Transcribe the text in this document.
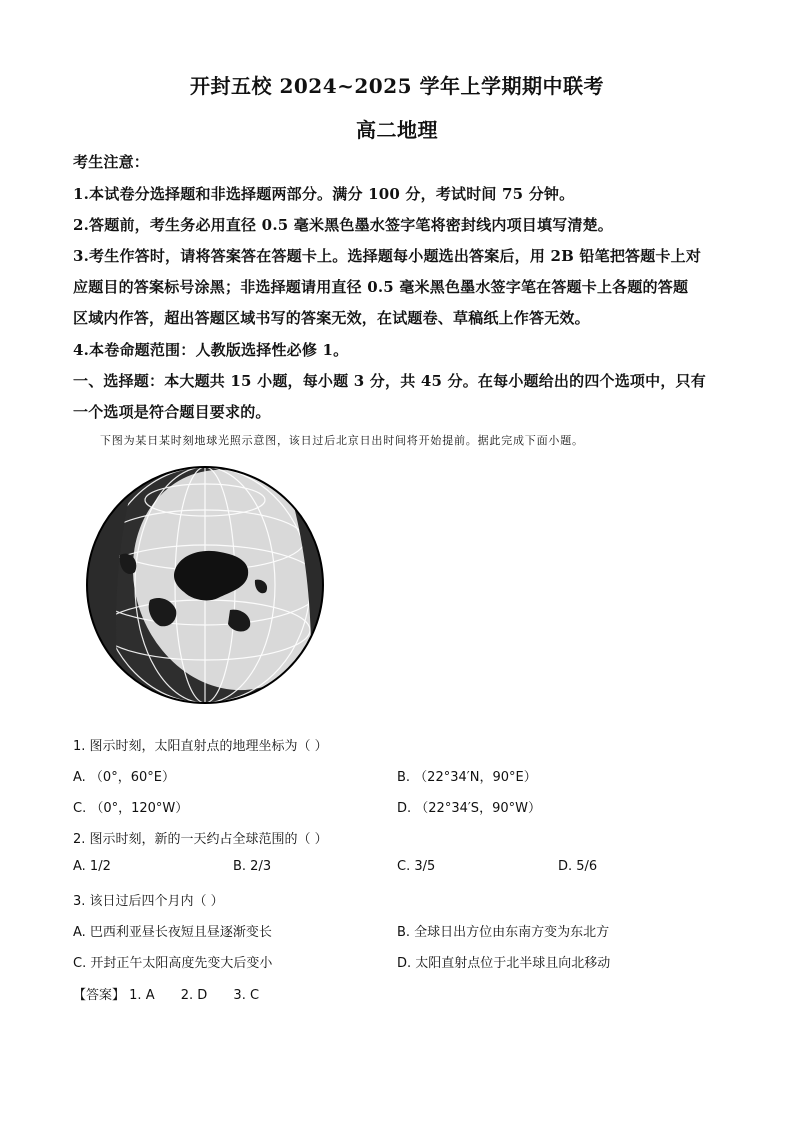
开封五校 2024~2025 学年上学期期中联考
高二地理
考生注意：
1.本试卷分选择题和非选择题两部分。满分 100 分，考试时间 75 分钟。
2.答题前，考生务必用直径 0.5 毫米黑色墨水签字笔将密封线内项目填写清楚。
3.考生作答时，请将答案答在答题卡上。选择题每小题选出答案后，用 2B 铅笔把答题卡上对
应题目的答案标号涂黑；非选择题请用直径 0.5 毫米黑色墨水签字笔在答题卡上各题的答题
区域内作答，超出答题区域书写的答案无效，在试题卷、草稿纸上作答无效。
4.本卷命题范围：人教版选择性必修 1。
一、选择题：本大题共 15 小题，每小题 3 分，共 45 分。在每小题给出的四个选项中，只有
一个选项是符合题目要求的。
下图为某日某时刻地球光照示意图，该日过后北京日出时间将开始提前。据此完成下面小题。
1. 图示时刻，太阳直射点的地理坐标为（ ）
A. （0°，60°E）	B. （22°34′N，90°E）
C. （0°，120°W）	D. （22°34′S，90°W）
2. 图示时刻，新的一天约占全球范围的（ ）
A. 1/2	B. 2/3	C. 3/5	D. 5/6
3. 该日过后四个月内（ ）
A. 巴西利亚昼长夜短且昼逐渐变长	B. 全球日出方位由东南方变为东北方
C. 开封正午太阳高度先变大后变小	D. 太阳直射点位于北半球且向北移动
【答案】 1. A 2. D 3. C
